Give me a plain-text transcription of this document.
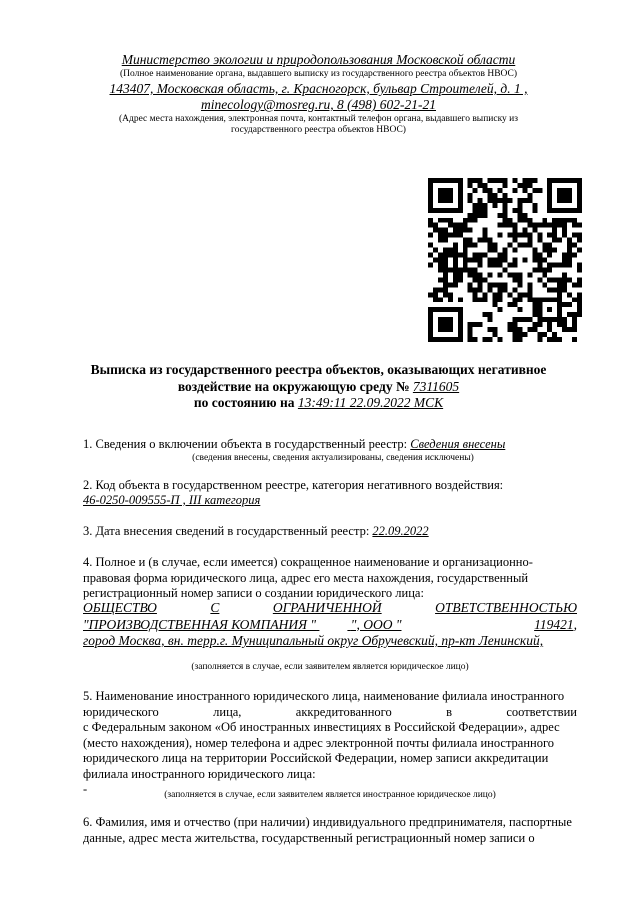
Министерство экологии и природопользования Московской области
(Полное наименование органа, выдавшего выписку из государственного реестра объектов НВОС)
143407, Московская область, г. Красногорск, бульвар Строителей, д. 1 ,
minecology@mosreg.ru, 8 (498) 602-21-21
(Адрес места нахождения, электронная почта, контактный телефон органа, выдавшего выписку из
государственного реестра объектов НВОС)
Выписка из государственного реестра объектов, оказывающих негативное
воздействие на окружающую среду № 7311605
по состоянию на 13:49:11 22.09.2022 МСК
1. Сведения о включении объекта в государственный реестр: Сведения внесены
(сведения внесены, сведения актуализированы, сведения исключены)
2. Код объекта в государственном реестре, категория негативного воздействия:
46-0250-009555-П , III категория
3. Дата внесения сведений в государственный реестр: 22.09.2022
4. Полное и (в случае, если имеется) сокращенное наименование и организационно-
правовая форма юридического лица, адрес его места нахождения, государственный
регистрационный номер записи о создании юридического лица:
ОБЩЕСТВО	С	ОГРАНИЧЕННОЙ	ОТВЕТСТВЕННОСТЬЮ
"ПРОИЗВОДСТВЕННАЯ КОМПАНИЯ "	", ООО "	119421,
город Москва, вн. терр.г. Муниципальный округ Обручевский, пр-кт Ленинский,
(заполняется в случае, если заявителем является юридическое лицо)
5. Наименование иностранного юридического лица, наименование филиала иностранного
юридического	лица,	аккредитованного	в	соответствии
с Федеральным законом «Об иностранных инвестициях в Российской Федерации», адрес
(место нахождения), номер телефона и адрес электронной почты филиала иностранного
юридического лица на территории Российской Федерации, номер записи аккредитации
филиала иностранного юридического лица:
-	(заполняется в случае, если заявителем является иностранное юридическое лицо)
6. Фамилия, имя и отчество (при наличии) индивидуального предпринимателя, паспортные
данные, адрес места жительства, государственный регистрационный номер записи о
